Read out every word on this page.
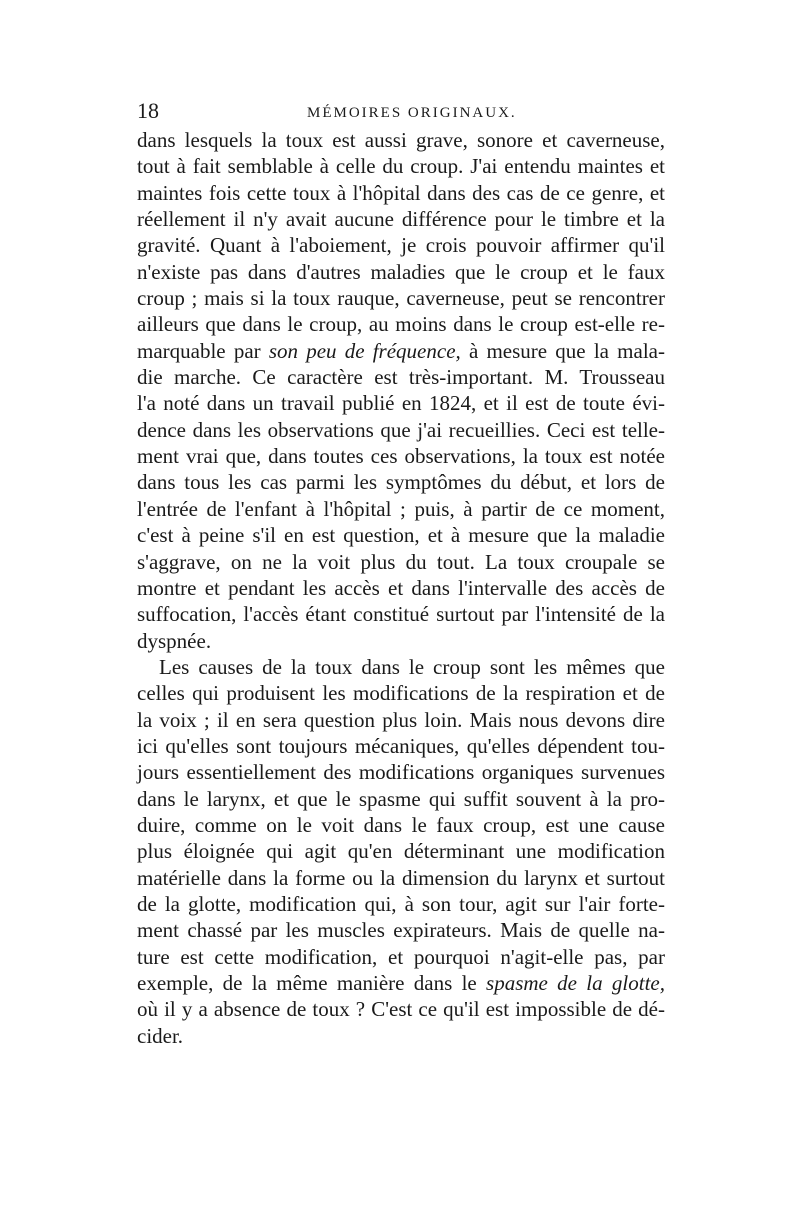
18	MÉMOIRES ORIGINAUX.
dans lesquels la toux est aussi grave, sonore et caverneuse,
tout à fait semblable à celle du croup. J'ai entendu maintes et
maintes fois cette toux à l'hôpital dans des cas de ce genre, et
réellement il n'y avait aucune différence pour le timbre et la
gravité. Quant à l'aboiement, je crois pouvoir affirmer qu'il
n'existe pas dans d'autres maladies que le croup et le faux
croup ; mais si la toux rauque, caverneuse, peut se rencontrer
ailleurs que dans le croup, au moins dans le croup est-elle re-
marquable par son peu de fréquence, à mesure que la mala-
die marche. Ce caractère est très-important. M. Trousseau
l'a noté dans un travail publié en 1824, et il est de toute évi-
dence dans les observations que j'ai recueillies. Ceci est telle-
ment vrai que, dans toutes ces observations, la toux est notée
dans tous les cas parmi les symptômes du début, et lors de
l'entrée de l'enfant à l'hôpital ; puis, à partir de ce moment,
c'est à peine s'il en est question, et à mesure que la maladie
s'aggrave, on ne la voit plus du tout. La toux croupale se
montre et pendant les accès et dans l'intervalle des accès de
suffocation, l'accès étant constitué surtout par l'intensité de la
dyspnée.
Les causes de la toux dans le croup sont les mêmes que
celles qui produisent les modifications de la respiration et de
la voix ; il en sera question plus loin. Mais nous devons dire
ici qu'elles sont toujours mécaniques, qu'elles dépendent tou-
jours essentiellement des modifications organiques survenues
dans le larynx, et que le spasme qui suffit souvent à la pro-
duire, comme on le voit dans le faux croup, est une cause
plus éloignée qui agit qu'en déterminant une modification
matérielle dans la forme ou la dimension du larynx et surtout
de la glotte, modification qui, à son tour, agit sur l'air forte-
ment chassé par les muscles expirateurs. Mais de quelle na-
ture est cette modification, et pourquoi n'agit-elle pas, par
exemple, de la même manière dans le spasme de la glotte,
où il y a absence de toux ? C'est ce qu'il est impossible de dé-
cider.
